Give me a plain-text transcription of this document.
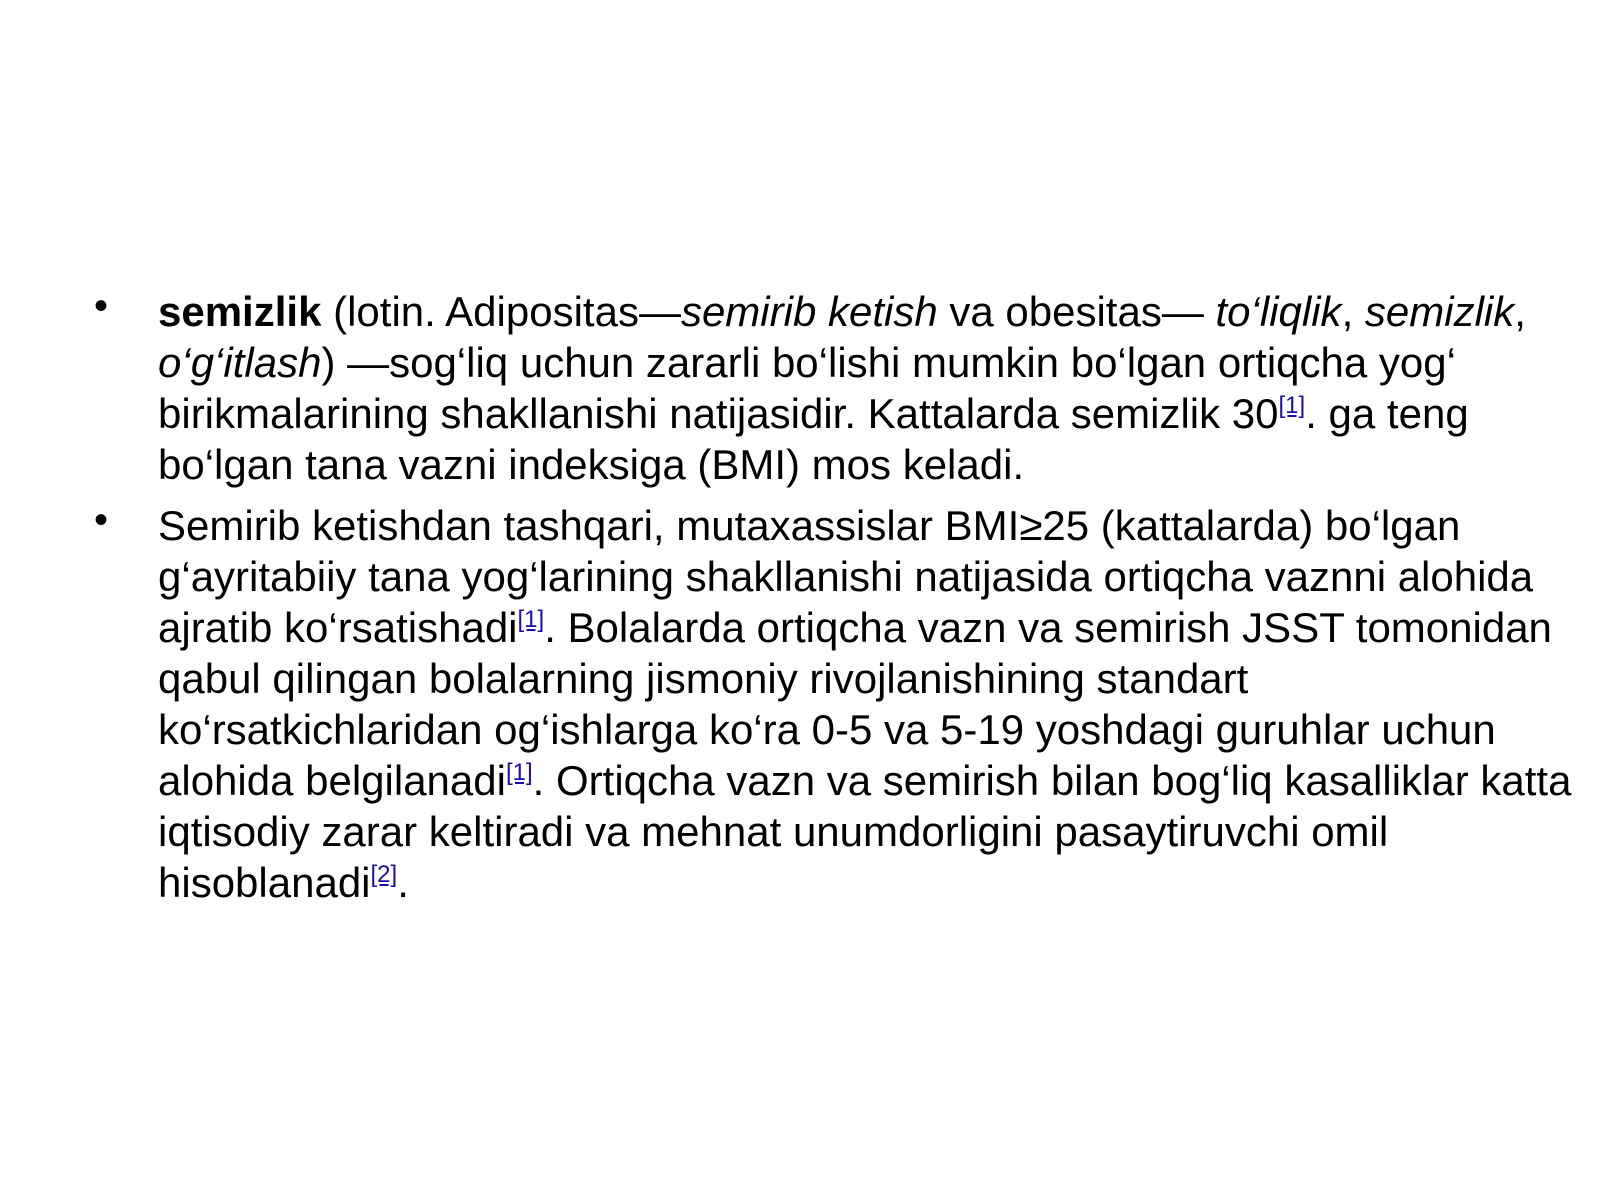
• semizlik (lotin. Adipositas—semirib ketish va obesitas— to‘liqlik, semizlik, o‘g‘itlash) —sog‘liq uchun zararli bo‘lishi mumkin bo‘lgan ortiqcha yog‘ birikmalarining shakllanishi natijasidir. Kattalarda semizlik 30[1]. ga teng bo‘lgan tana vazni indeksiga (BMI) mos keladi.
• Semirib ketishdan tashqari, mutaxassislar BMI≥25 (kattalarda) bo‘lgan g‘ayritabiiy tana yog‘larining shakllanishi natijasida ortiqcha vaznni alohida ajratib ko‘rsatishadi[1]. Bolalarda ortiqcha vazn va semirish JSST tomonidan qabul qilingan bolalarning jismoniy rivojlanishining standart ko‘rsatkichlaridan og‘ishlarga ko‘ra 0-5 va 5-19 yoshdagi guruhlar uchun alohida belgilanadi[1]. Ortiqcha vazn va semirish bilan bog‘liq kasalliklar katta iqtisodiy zarar keltiradi va mehnat unumdorligini pasaytiruvchi omil hisoblanadi[2].
